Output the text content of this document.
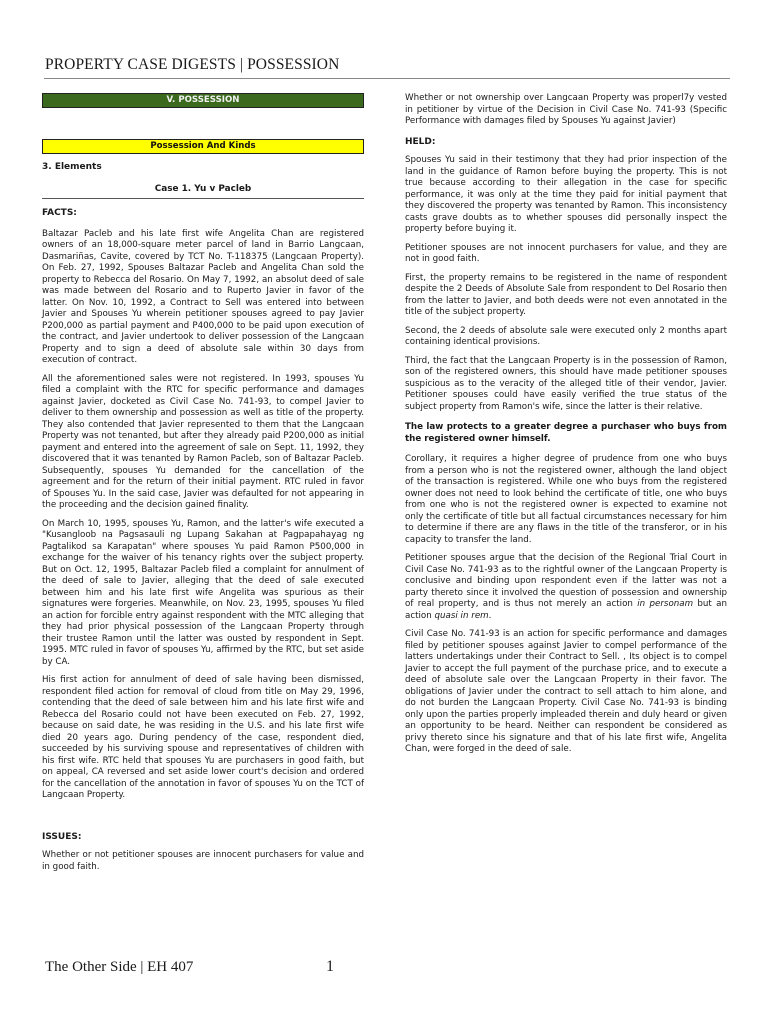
PROPERTY CASE DIGESTS | POSSESSION
V. POSSESSION
Possession And Kinds
3. Elements
Case 1. Yu v Pacleb
FACTS:

Baltazar Pacleb and his late first wife Angelita Chan are registered owners of an 18,000-square meter parcel of land in Barrio Langcaan, Dasmariñas, Cavite, covered by TCT No. T-118375 (Langcaan Property). On Feb. 27, 1992, Spouses Baltazar Pacleb and Angelita Chan sold the property to Rebecca del Rosario. On May 7, 1992, an absolut deed of sale was made between del Rosario and to Ruperto Javier in favor of the latter. On Nov. 10, 1992, a Contract to Sell was entered into between Javier and Spouses Yu wherein petitioner spouses agreed to pay Javier P200,000 as partial payment and P400,000 to be paid upon execution of the contract, and Javier undertook to deliver possession of the Langcaan Property and to sign a deed of absolute sale within 30 days from execution of contract.

All the aforementioned sales were not registered. In 1993, spouses Yu filed a complaint with the RTC for specific performance and damages against Javier, docketed as Civil Case No. 741-93, to compel Javier to deliver to them ownership and possession as well as title of the property. They also contended that Javier represented to them that the Langcaan Property was not tenanted, but after they already paid P200,000 as initial payment and entered into the agreement of sale on Sept. 11, 1992, they discovered that it was tenanted by Ramon Pacleb, son of Baltazar Pacleb. Subsequently, spouses Yu demanded for the cancellation of the agreement and for the return of their initial payment. RTC ruled in favor of Spouses Yu. In the said case, Javier was defaulted for not appearing in the proceeding and the decision gained finality.

On March 10, 1995, spouses Yu, Ramon, and the latter's wife executed a "Kusangloob na Pagsasauli ng Lupang Sakahan at Pagpapahayag ng Pagtalikod sa Karapatan" where spouses Yu paid Ramon P500,000 in exchange for the waiver of his tenancy rights over the subject property. But on Oct. 12, 1995, Baltazar Pacleb filed a complaint for annulment of the deed of sale to Javier, alleging that the deed of sale executed between him and his late first wife Angelita was spurious as their signatures were forgeries. Meanwhile, on Nov. 23, 1995, spouses Yu filed an action for forcible entry against respondent with the MTC alleging that they had prior physical possession of the Langcaan Property through their trustee Ramon until the latter was ousted by respondent in Sept. 1995. MTC ruled in favor of spouses Yu, affirmed by the RTC, but set aside by CA.

His first action for annulment of deed of sale having been dismissed, respondent filed action for removal of cloud from title on May 29, 1996, contending that the deed of sale between him and his late first wife and Rebecca del Rosario could not have been executed on Feb. 27, 1992, because on said date, he was residing in the U.S. and his late first wife died 20 years ago. During pendency of the case, respondent died, succeeded by his surviving spouse and representatives of children with his first wife. RTC held that spouses Yu are purchasers in good faith, but on appeal, CA reversed and set aside lower court's decision and ordered for the cancellation of the annotation in favor of spouses Yu on the TCT of Langcaan Property.

ISSUES:

Whether or not petitioner spouses are innocent purchasers for value and in good faith.

Whether or not ownership over Langcaan Property was properl7y vested in petitioner by virtue of the Decision in Civil Case No. 741-93 (Specific Performance with damages filed by Spouses Yu against Javier)

HELD:

Spouses Yu said in their testimony that they had prior inspection of the land in the guidance of Ramon before buying the property. This is not true because according to their allegation in the case for specific performance, it was only at the time they paid for initial payment that they discovered the property was tenanted by Ramon. This inconsistency casts grave doubts as to whether spouses did personally inspect the property before buying it.

Petitioner spouses are not innocent purchasers for value, and they are not in good faith.

First, the property remains to be registered in the name of respondent despite the 2 Deeds of Absolute Sale from respondent to Del Rosario then from the latter to Javier, and both deeds were not even annotated in the title of the subject property.

Second, the 2 deeds of absolute sale were executed only 2 months apart containing identical provisions.

Third, the fact that the Langcaan Property is in the possession of Ramon, son of the registered owners, this should have made petitioner spouses suspicious as to the veracity of the alleged title of their vendor, Javier. Petitioner spouses could have easily verified the true status of the subject property from Ramon's wife, since the latter is their relative.

The law protects to a greater degree a purchaser who buys from the registered owner himself.

Corollary, it requires a higher degree of prudence from one who buys from a person who is not the registered owner, although the land object of the transaction is registered. While one who buys from the registered owner does not need to look behind the certificate of title, one who buys from one who is not the registered owner is expected to examine not only the certificate of title but all factual circumstances necessary for him to determine if there are any flaws in the title of the transferor, or in his capacity to transfer the land.

Petitioner spouses argue that the decision of the Regional Trial Court in Civil Case No. 741-93 as to the rightful owner of the Langcaan Property is conclusive and binding upon respondent even if the latter was not a party thereto since it involved the question of possession and ownership of real property, and is thus not merely an action in personam but an action quasi in rem.

Civil Case No. 741-93 is an action for specific performance and damages filed by petitioner spouses against Javier to compel performance of the latters undertakings under their Contract to Sell. , Its object is to compel Javier to accept the full payment of the purchase price, and to execute a deed of absolute sale over the Langcaan Property in their favor. The obligations of Javier under the contract to sell attach to him alone, and do not burden the Langcaan Property. Civil Case No. 741-93 is binding only upon the parties properly impleaded therein and duly heard or given an opportunity to be heard. Neither can respondent be considered as privy thereto since his signature and that of his late first wife, Angelita Chan, were forged in the deed of sale.

The Other Side | EH 407	1
